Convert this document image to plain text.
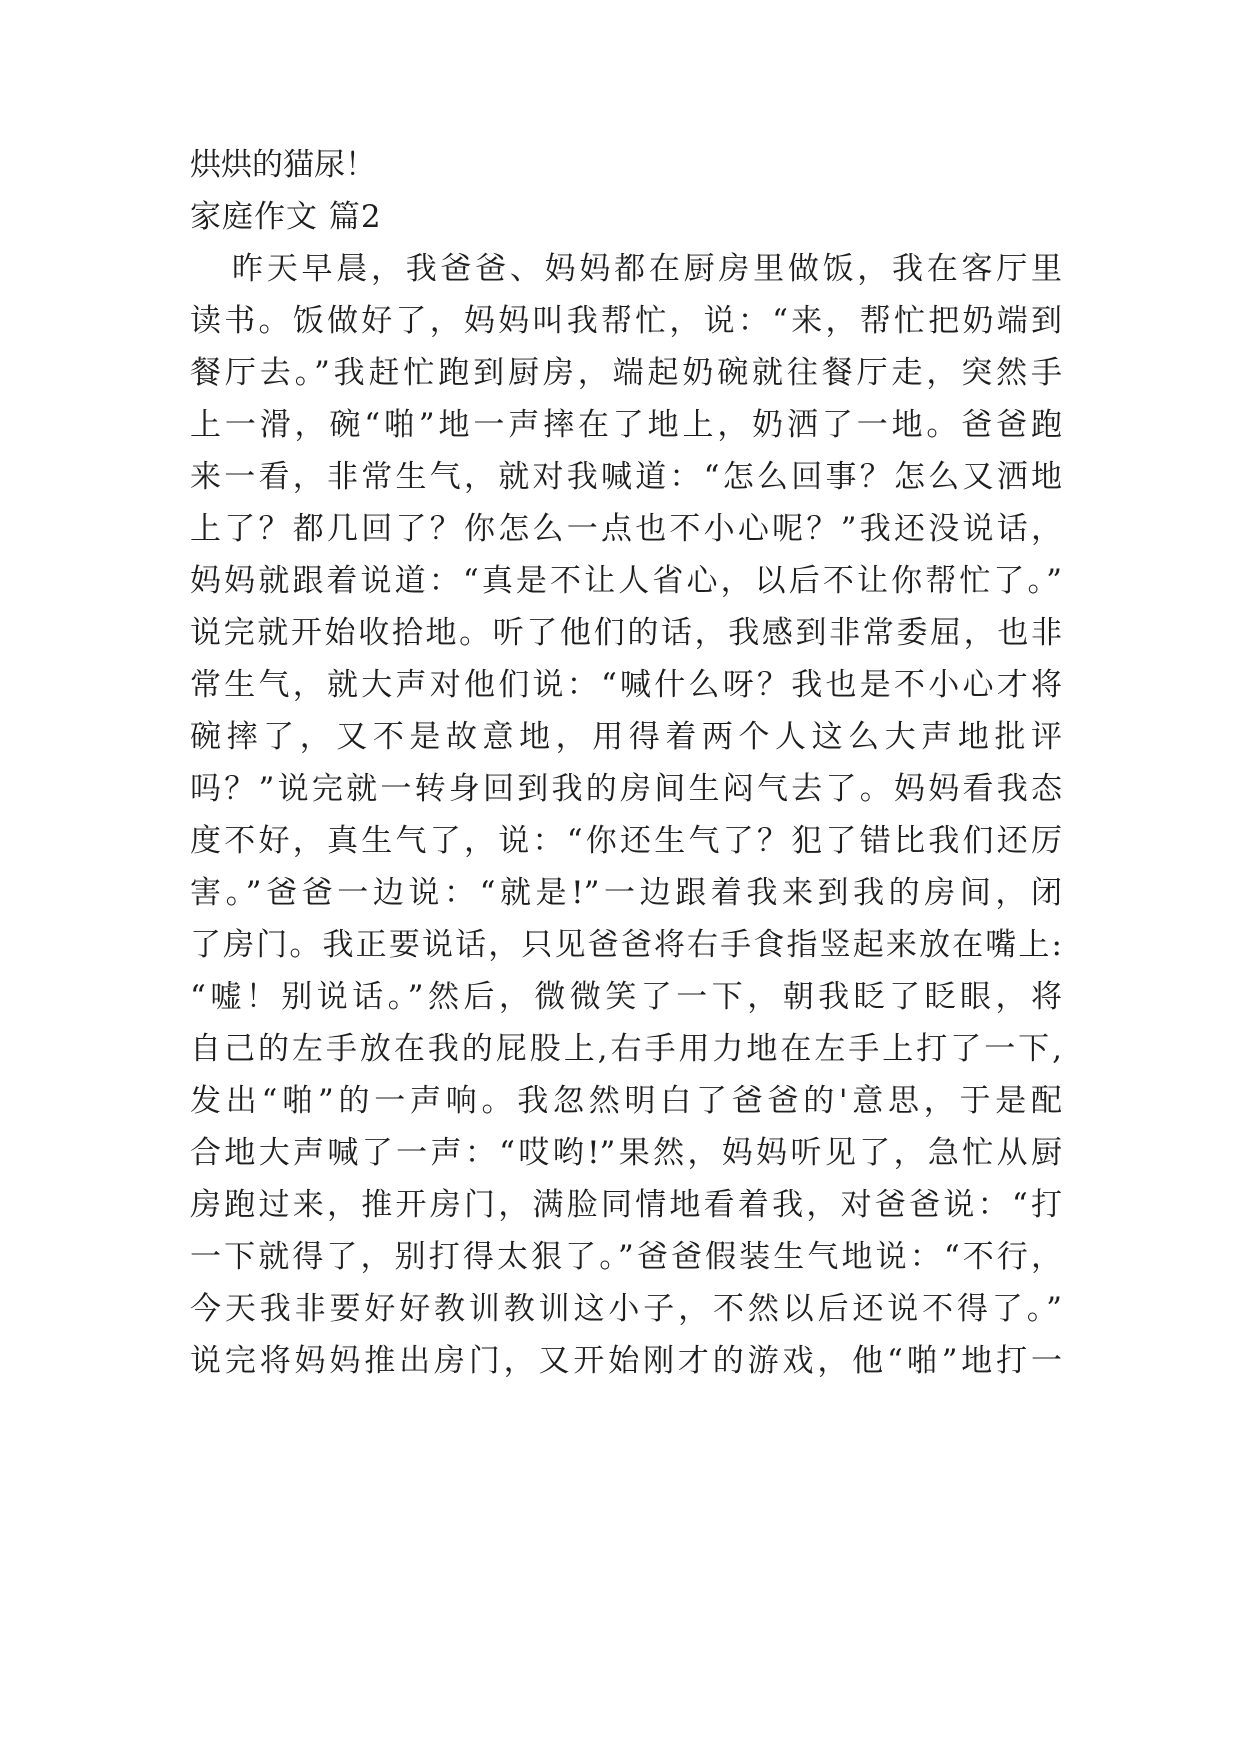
烘烘的猫尿！
家庭作文 篇2
昨天早晨，我爸爸、妈妈都在厨房里做饭，我在客厅里
读书。饭做好了，妈妈叫我帮忙，说：“来，帮忙把奶端到
餐厅去。”我赶忙跑到厨房，端起奶碗就往餐厅走，突然手
上一滑，碗“啪”地一声摔在了地上，奶洒了一地。爸爸跑
来一看，非常生气，就对我喊道：“怎么回事？怎么又洒地
上了？都几回了？你怎么一点也不小心呢？”我还没说话，
妈妈就跟着说道：“真是不让人省心，以后不让你帮忙了。”
说完就开始收拾地。听了他们的话，我感到非常委屈，也非
常生气，就大声对他们说：“喊什么呀？我也是不小心才将
碗摔了，又不是故意地，用得着两个人这么大声地批评
吗？”说完就一转身回到我的房间生闷气去了。妈妈看我态
度不好，真生气了，说：“你还生气了？犯了错比我们还厉
害。”爸爸一边说：“就是!”一边跟着我来到我的房间，闭
了房门。我正要说话，只见爸爸将右手食指竖起来放在嘴上:
“嘘！别说话。”然后，微微笑了一下，朝我眨了眨眼，将
自己的左手放在我的屁股上,右手用力地在左手上打了一下,
发出“啪”的一声响。我忽然明白了爸爸的'意思，于是配
合地大声喊了一声：“哎哟!”果然，妈妈听见了，急忙从厨
房跑过来，推开房门，满脸同情地看着我，对爸爸说：“打
一下就得了，别打得太狠了。”爸爸假装生气地说：“不行，
今天我非要好好教训教训这小子，不然以后还说不得了。”
说完将妈妈推出房门，又开始刚才的游戏，他“啪”地打一
